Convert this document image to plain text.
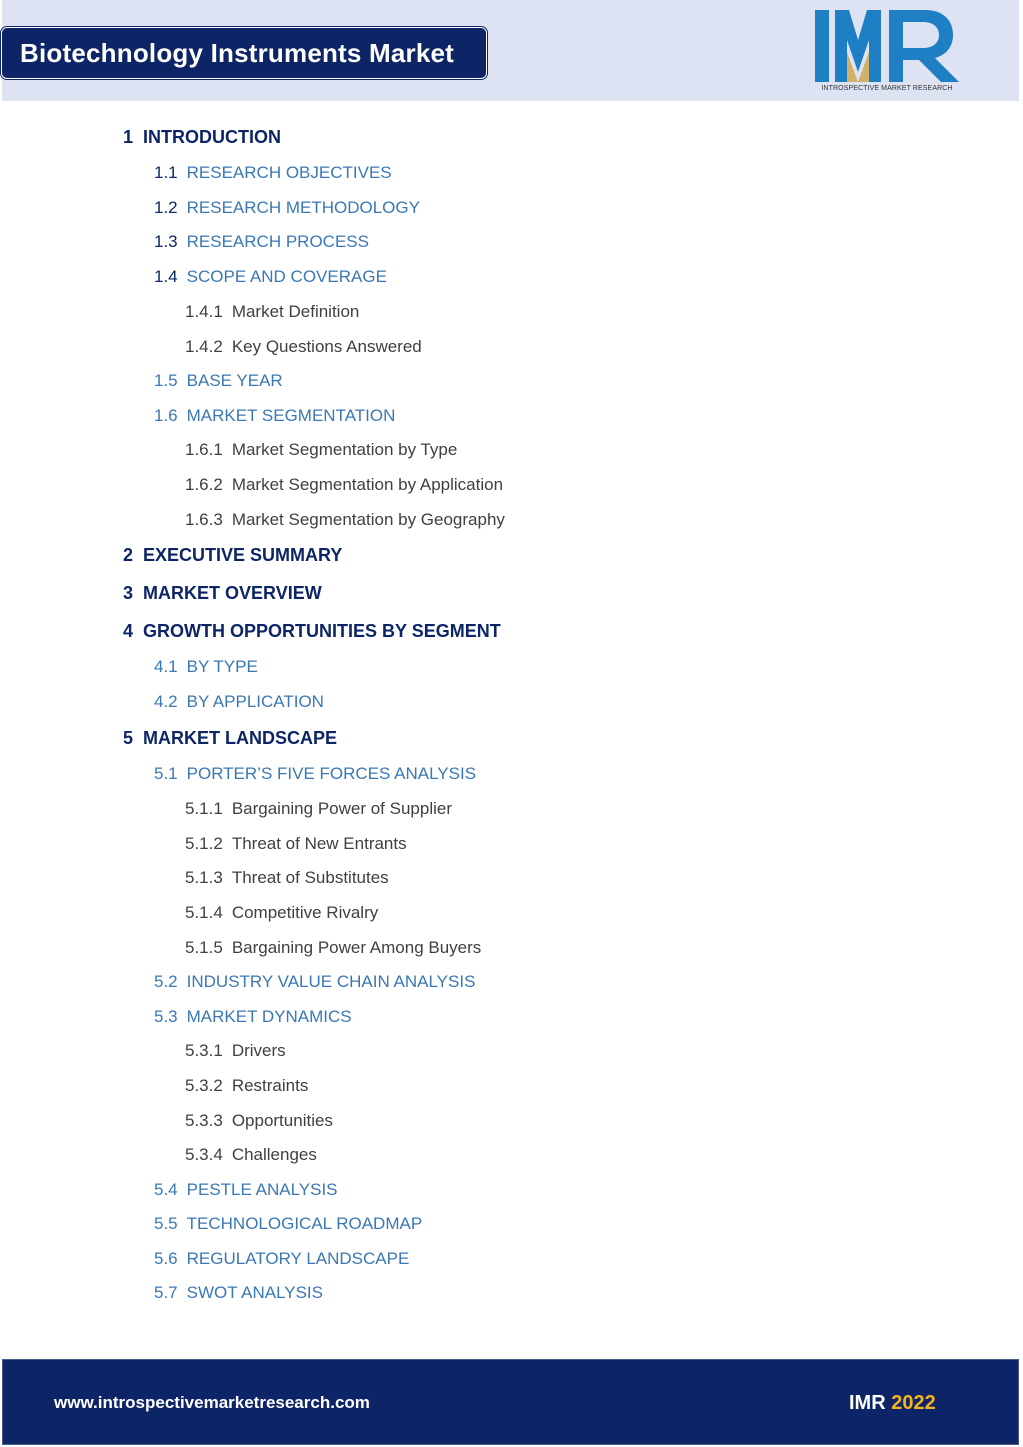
Biotechnology Instruments Market
INTROSPECTIVE MARKET RESEARCH
1 INTRODUCTION
1.1 RESEARCH OBJECTIVES
1.2 RESEARCH METHODOLOGY
1.3 RESEARCH PROCESS
1.4 SCOPE AND COVERAGE
1.4.1 Market Definition
1.4.2 Key Questions Answered
1.5 BASE YEAR
1.6 MARKET SEGMENTATION
1.6.1 Market Segmentation by Type
1.6.2 Market Segmentation by Application
1.6.3 Market Segmentation by Geography
2 EXECUTIVE SUMMARY
3 MARKET OVERVIEW
4 GROWTH OPPORTUNITIES BY SEGMENT
4.1 BY TYPE
4.2 BY APPLICATION
5 MARKET LANDSCAPE
5.1 PORTER’S FIVE FORCES ANALYSIS
5.1.1 Bargaining Power of Supplier
5.1.2 Threat of New Entrants
5.1.3 Threat of Substitutes
5.1.4 Competitive Rivalry
5.1.5 Bargaining Power Among Buyers
5.2 INDUSTRY VALUE CHAIN ANALYSIS
5.3 MARKET DYNAMICS
5.3.1 Drivers
5.3.2 Restraints
5.3.3 Opportunities
5.3.4 Challenges
5.4 PESTLE ANALYSIS
5.5 TECHNOLOGICAL ROADMAP
5.6 REGULATORY LANDSCAPE
5.7 SWOT ANALYSIS
www.introspectivemarketresearch.com	IMR 2022
